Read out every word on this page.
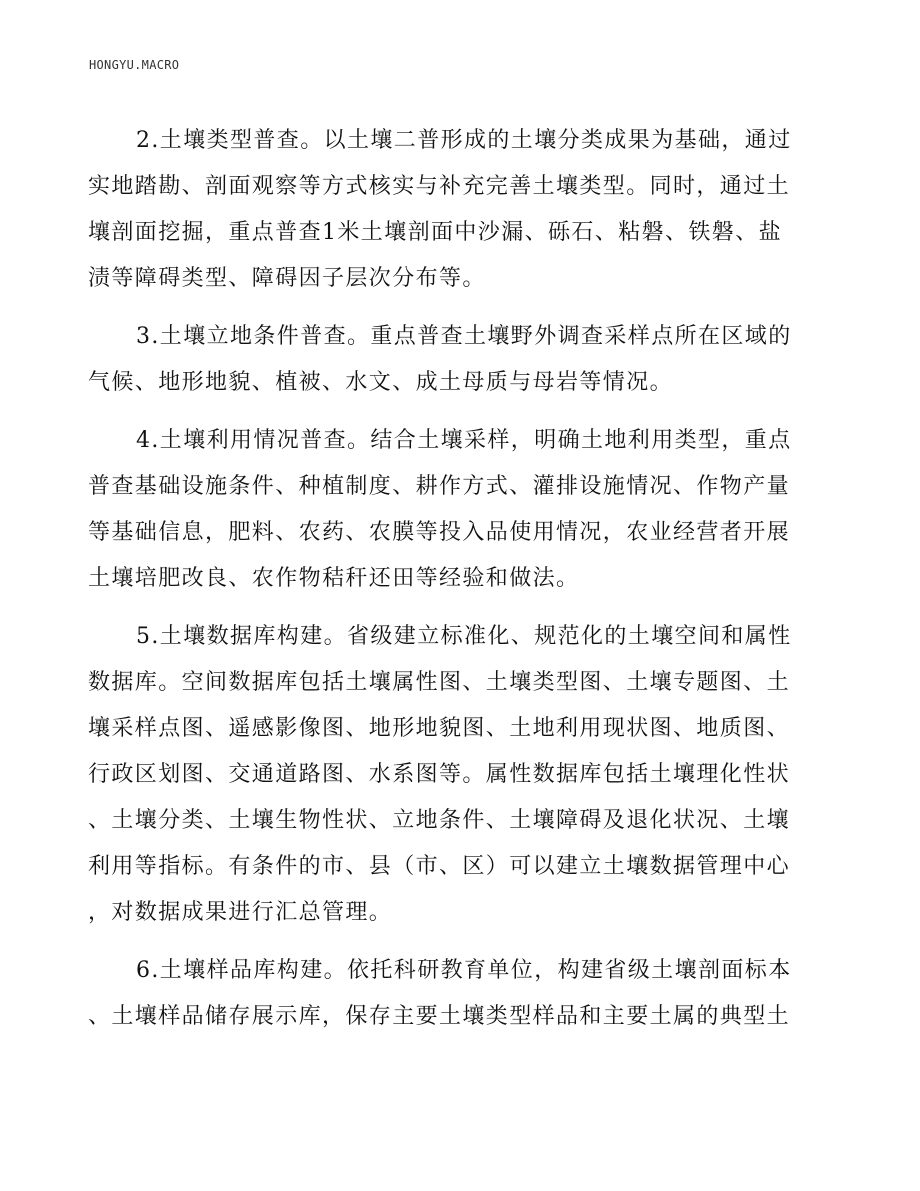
HONGYU.MACRO
2.土壤类型普查。以土壤二普形成的土壤分类成果为基础，通过
实地踏勘、剖面观察等方式核实与补充完善土壤类型。同时，通过土
壤剖面挖掘，重点普查1米土壤剖面中沙漏、砾石、粘磐、铁磐、盐
渍等障碍类型、障碍因子层次分布等。
3.土壤立地条件普查。重点普查土壤野外调查采样点所在区域的
气候、地形地貌、植被、水文、成土母质与母岩等情况。
4.土壤利用情况普查。结合土壤采样，明确土地利用类型，重点
普查基础设施条件、种植制度、耕作方式、灌排设施情况、作物产量
等基础信息，肥料、农药、农膜等投入品使用情况，农业经营者开展
土壤培肥改良、农作物秸秆还田等经验和做法。
5.土壤数据库构建。省级建立标准化、规范化的土壤空间和属性
数据库。空间数据库包括土壤属性图、土壤类型图、土壤专题图、土
壤采样点图、遥感影像图、地形地貌图、土地利用现状图、地质图、
行政区划图、交通道路图、水系图等。属性数据库包括土壤理化性状
、土壤分类、土壤生物性状、立地条件、土壤障碍及退化状况、土壤
利用等指标。有条件的市、县（市、区）可以建立土壤数据管理中心
，对数据成果进行汇总管理。
6.土壤样品库构建。依托科研教育单位，构建省级土壤剖面标本
、土壤样品储存展示库，保存主要土壤类型样品和主要土属的典型土
